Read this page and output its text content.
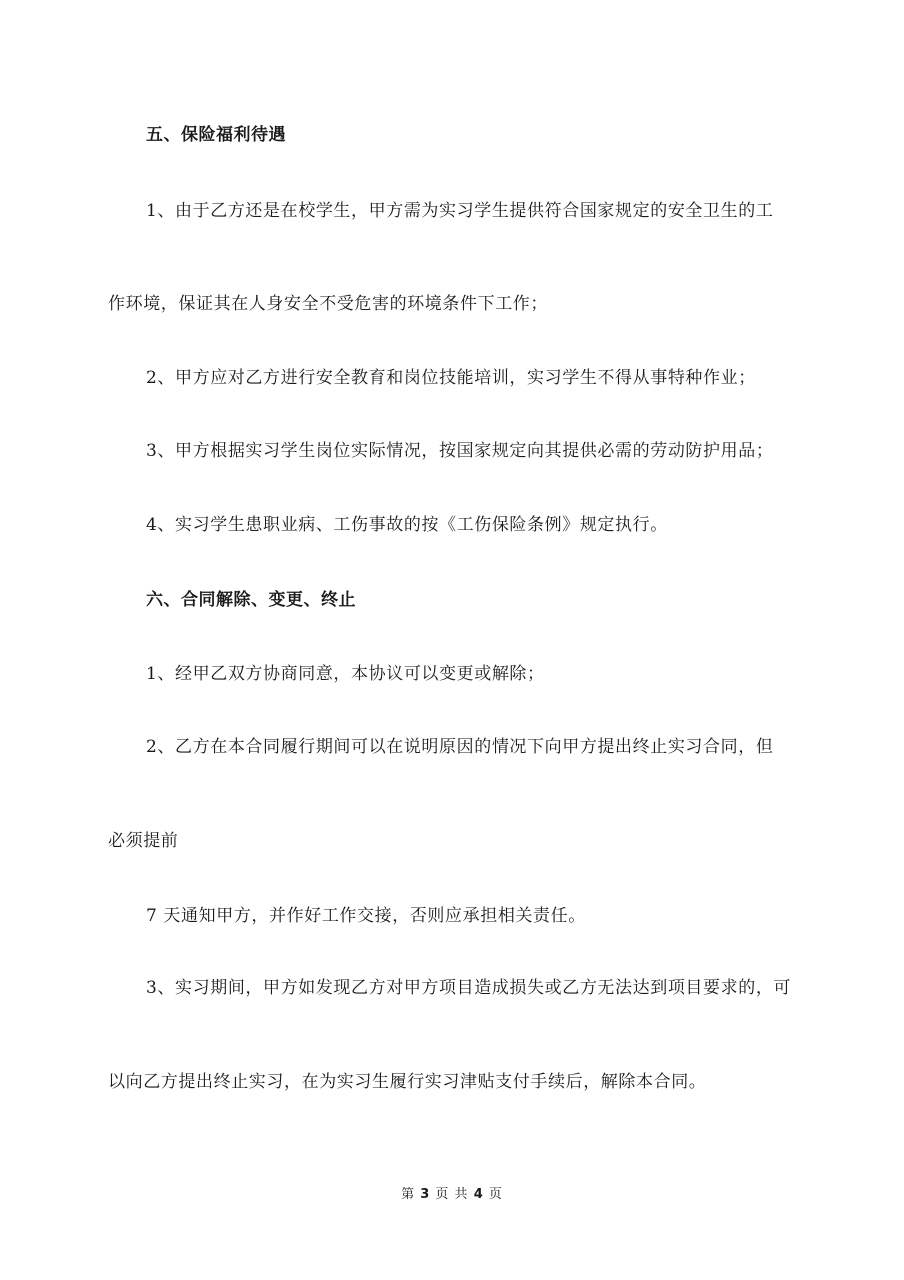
五、保险福利待遇
1、由于乙方还是在校学生，甲方需为实习学生提供符合国家规定的安全卫生的工
作环境，保证其在人身安全不受危害的环境条件下工作；
2、甲方应对乙方进行安全教育和岗位技能培训，实习学生不得从事特种作业；
3、甲方根据实习学生岗位实际情况，按国家规定向其提供必需的劳动防护用品；
4、实习学生患职业病、工伤事故的按《工伤保险条例》规定执行。
六、合同解除、变更、终止
1、经甲乙双方协商同意，本协议可以变更或解除；
2、乙方在本合同履行期间可以在说明原因的情况下向甲方提出终止实习合同，但
必须提前
7 天通知甲方，并作好工作交接，否则应承担相关责任。
3、实习期间，甲方如发现乙方对甲方项目造成损失或乙方无法达到项目要求的，可
以向乙方提出终止实习，在为实习生履行实习津贴支付手续后，解除本合同。
第 3 页 共 4 页
